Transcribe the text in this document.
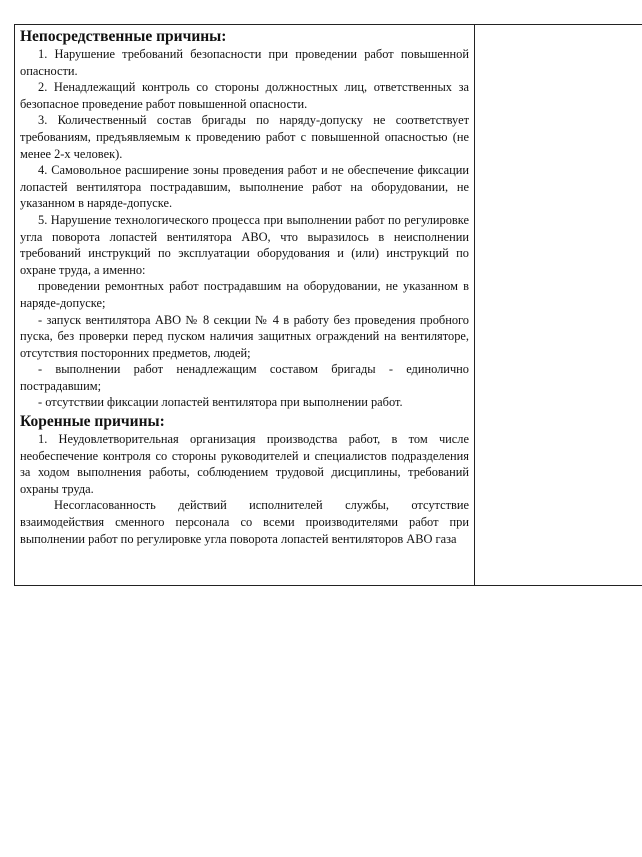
Непосредственные причины:

1. Нарушение требований безопасности при проведении работ повышенной опасности.

2. Ненадлежащий контроль со стороны должностных лиц, ответственных за безопасное проведение работ повышенной опасности.

3. Количественный состав бригады по наряду-допуску не соответствует требованиям, предъявляемым к проведению работ с повышенной опасностью (не менее 2-х человек).

4. Самовольное расширение зоны проведения работ и не обеспечение фиксации лопастей вентилятора пострадавшим, выполнение работ на оборудовании, не указанном в наряде-допуске.

5. Нарушение технологического процесса при выполнении работ по регулировке угла поворота лопастей вентилятора АВО, что выразилось в неисполнении требований инструкций по эксплуатации оборудования и (или) инструкций по охране труда, а именно:

проведении ремонтных работ пострадавшим на оборудовании, не указанном в наряде-допуске;

- запуск вентилятора АВО № 8 секции № 4 в работу без проведения пробного пуска, без проверки перед пуском наличия защитных ограждений на вентиляторе, отсутствия посторонних предметов, людей;

- выполнении работ ненадлежащим составом бригады - единолично пострадавшим;

- отсутствии фиксации лопастей вентилятора при выполнении работ.

Коренные причины:

1. Неудовлетворительная организация производства работ, в том числе необеспечение контроля со стороны руководителей и специалистов подразделения за ходом выполнения работы, соблюдением трудовой дисциплины, требований охраны труда.

Несогласованность действий исполнителей службы, отсутствие взаимодействия сменного персонала со всеми производителями работ при выполнении работ по регулировке угла поворота лопастей вентиляторов АВО газа
